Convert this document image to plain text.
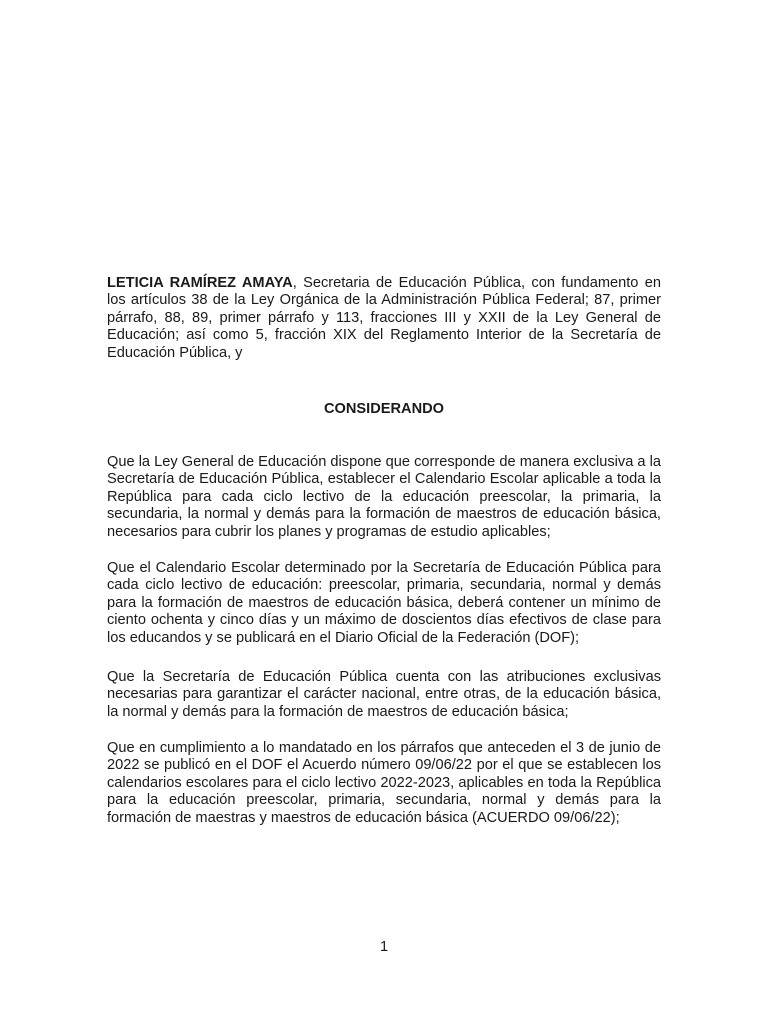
LETICIA RAMÍREZ AMAYA, Secretaria de Educación Pública, con fundamento en los artículos 38 de la Ley Orgánica de la Administración Pública Federal; 87, primer párrafo, 88, 89, primer párrafo y 113, fracciones III y XXII de la Ley General de Educación; así como 5, fracción XIX del Reglamento Interior de la Secretaría de Educación Pública, y

CONSIDERANDO

Que la Ley General de Educación dispone que corresponde de manera exclusiva a la Secretaría de Educación Pública, establecer el Calendario Escolar aplicable a toda la República para cada ciclo lectivo de la educación preescolar, la primaria, la secundaria, la normal y demás para la formación de maestros de educación básica, necesarios para cubrir los planes y programas de estudio aplicables;

Que el Calendario Escolar determinado por la Secretaría de Educación Pública para cada ciclo lectivo de educación: preescolar, primaria, secundaria, normal y demás para la formación de maestros de educación básica, deberá contener un mínimo de ciento ochenta y cinco días y un máximo de doscientos días efectivos de clase para los educandos y se publicará en el Diario Oficial de la Federación (DOF);

Que la Secretaría de Educación Pública cuenta con las atribuciones exclusivas necesarias para garantizar el carácter nacional, entre otras, de la educación básica, la normal y demás para la formación de maestros de educación básica;

Que en cumplimiento a lo mandatado en los párrafos que anteceden el 3 de junio de 2022 se publicó en el DOF el Acuerdo número 09/06/22 por el que se establecen los calendarios escolares para el ciclo lectivo 2022-2023, aplicables en toda la República para la educación preescolar, primaria, secundaria, normal y demás para la formación de maestras y maestros de educación básica (ACUERDO 09/06/22);

1
